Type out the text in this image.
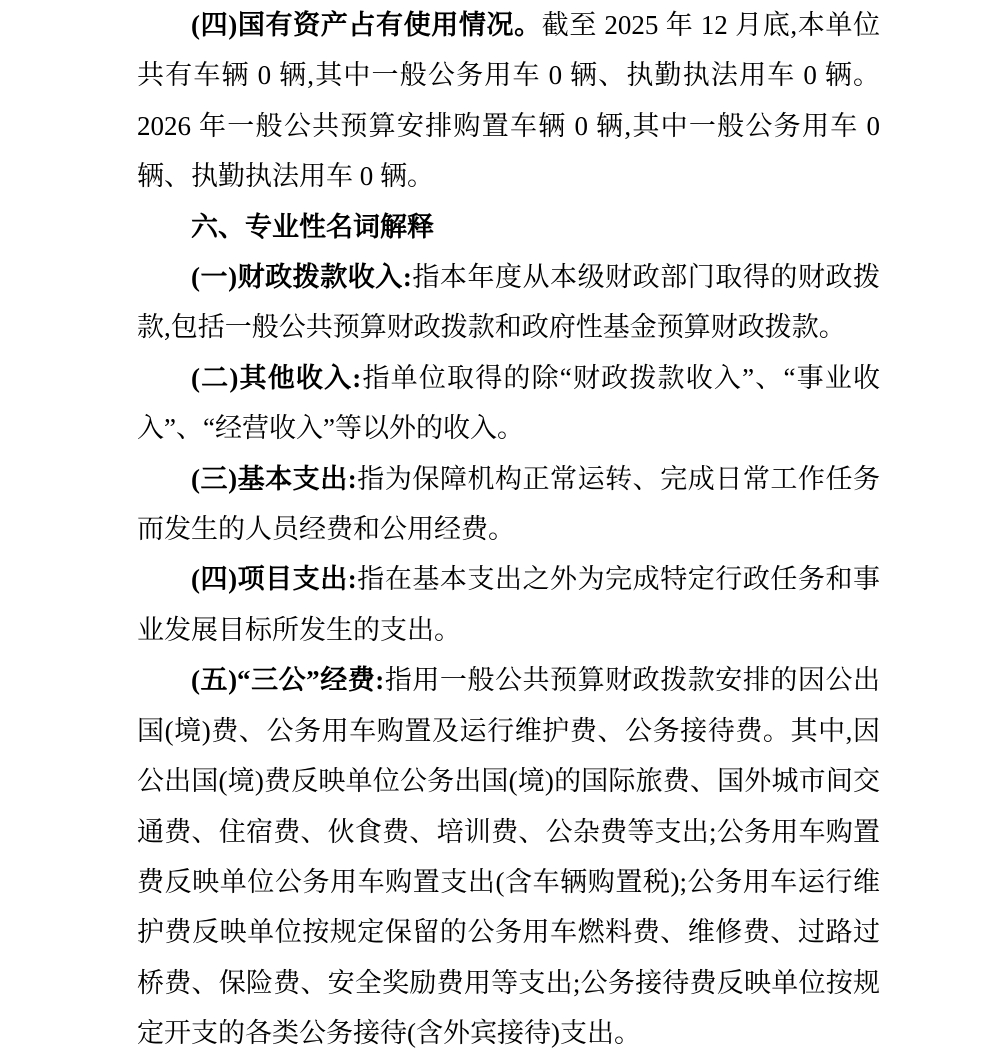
(四)国有资产占有使用情况。截至 2025 年 12 月底,本单位共有车辆 0 辆,其中一般公务用车 0 辆、执勤执法用车 0 辆。2026 年一般公共预算安排购置车辆 0 辆,其中一般公务用车 0 辆、执勤执法用车 0 辆。

六、专业性名词解释

(一)财政拨款收入:指本年度从本级财政部门取得的财政拨款,包括一般公共预算财政拨款和政府性基金预算财政拨款。

(二)其他收入:指单位取得的除“财政拨款收入”、“事业收入”、“经营收入”等以外的收入。

(三)基本支出:指为保障机构正常运转、完成日常工作任务而发生的人员经费和公用经费。

(四)项目支出:指在基本支出之外为完成特定行政任务和事业发展目标所发生的支出。

(五)“三公”经费:指用一般公共预算财政拨款安排的因公出国(境)费、公务用车购置及运行维护费、公务接待费。其中,因公出国(境)费反映单位公务出国(境)的国际旅费、国外城市间交通费、住宿费、伙食费、培训费、公杂费等支出;公务用车购置费反映单位公务用车购置支出(含车辆购置税);公务用车运行维护费反映单位按规定保留的公务用车燃料费、维修费、过路过桥费、保险费、安全奖励费用等支出;公务接待费反映单位按规定开支的各类公务接待(含外宾接待)支出。
